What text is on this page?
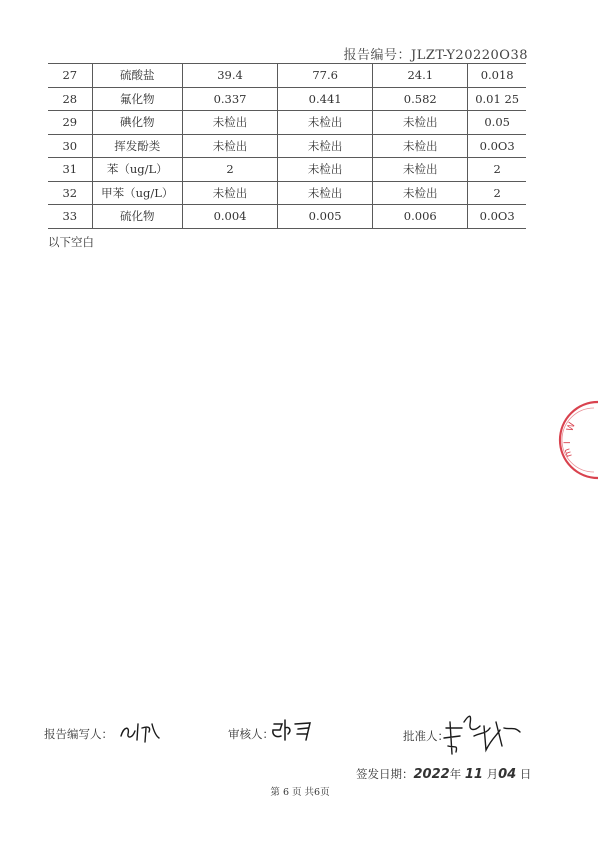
报告编号：JLZT-Y20220O38
27	硫酸盐	39.4	77.6	24.1	0.018
28	氟化物	0.337	0.441	0.582	0.01 25
29	碘化物	未检出	未检出	未检出	0.05
30	挥发酚类	未检出	未检出	未检出	0.0O3
31	苯（ug/L）	2	未检出	未检出	2
32	甲苯（ug/L）	未检出	未检出	未检出	2
33	硫化物	0.004	0.005	0.006	0.0O3
以下空白
报告编写人：	审核人：	批准人：
签发日期：2022年 11 月04 日
第 6 页 共6页
W
I
m
